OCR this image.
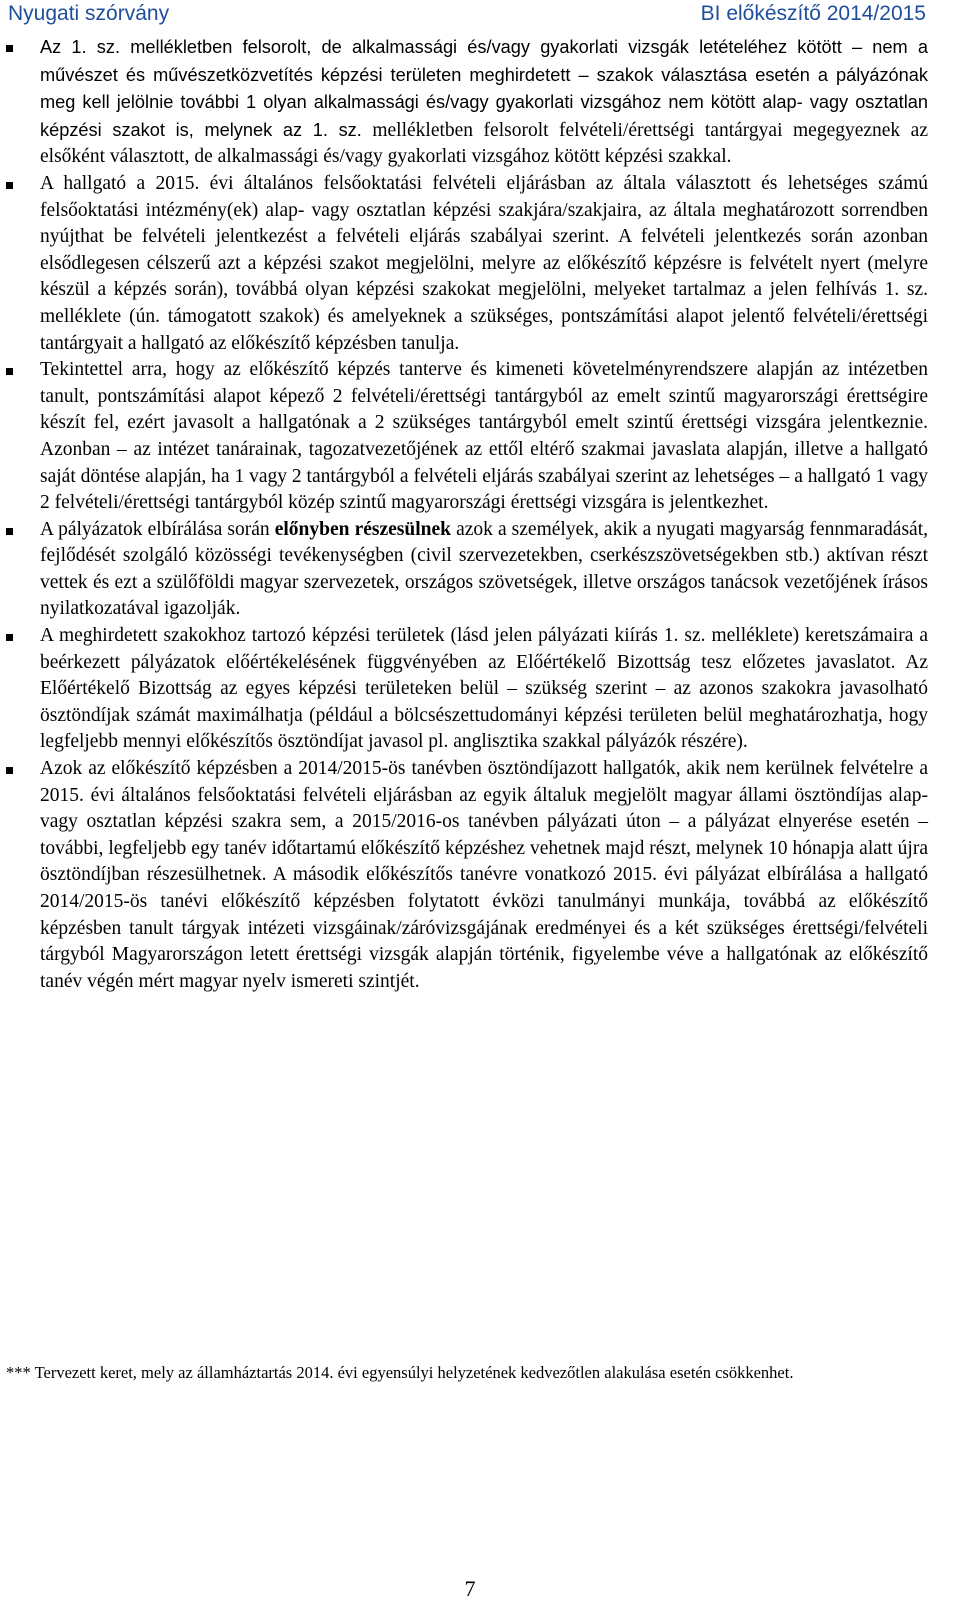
Nyugati szórvány	BI előkészítő 2014/2015

Az 1. sz. mellékletben felsorolt, de alkalmassági és/vagy gyakorlati vizsgák letételéhez kötött – nem a művészet és művészetközvetítés képzési területen meghirdetett – szakok választása esetén a pályázónak meg kell jelölnie további 1 olyan alkalmassági és/vagy gyakorlati vizsgához nem kötött alap- vagy osztatlan képzési szakot is, melynek az 1. sz. mellékletben felsorolt felvételi/érettségi tantárgyai megegyeznek az elsőként választott, de alkalmassági és/vagy gyakorlati vizsgához kötött képzési szakkal.

A hallgató a 2015. évi általános felsőoktatási felvételi eljárásban az általa választott és lehetséges számú felsőoktatási intézmény(ek) alap- vagy osztatlan képzési szakjára/szakjaira, az általa meghatározott sorrendben nyújthat be felvételi jelentkezést a felvételi eljárás szabályai szerint. A felvételi jelentkezés során azonban elsődlegesen célszerű azt a képzési szakot megjelölni, melyre az előkészítő képzésre is felvételt nyert (melyre készül a képzés során), továbbá olyan képzési szakokat megjelölni, melyeket tartalmaz a jelen felhívás 1. sz. melléklete (ún. támogatott szakok) és amelyeknek a szükséges, pontszámítási alapot jelentő felvételi/érettségi tantárgyait a hallgató az előkészítő képzésben tanulja.

Tekintettel arra, hogy az előkészítő képzés tanterve és kimeneti követelményrendszere alapján az intézetben tanult, pontszámítási alapot képező 2 felvételi/érettségi tantárgyból az emelt szintű magyarországi érettségire készít fel, ezért javasolt a hallgatónak a 2 szükséges tantárgyból emelt szintű érettségi vizsgára jelentkeznie. Azonban – az intézet tanárainak, tagozatvezetőjének az ettől eltérő szakmai javaslata alapján, illetve a hallgató saját döntése alapján, ha 1 vagy 2 tantárgyból a felvételi eljárás szabályai szerint az lehetséges – a hallgató 1 vagy 2 felvételi/érettségi tantárgyból közép szintű magyarországi érettségi vizsgára is jelentkezhet.

A pályázatok elbírálása során előnyben részesülnek azok a személyek, akik a nyugati magyarság fennmaradását, fejlődését szolgáló közösségi tevékenységben (civil szervezetekben, cserkészszövetségekben stb.) aktívan részt vettek és ezt a szülőföldi magyar szervezetek, országos szövetségek, illetve országos tanácsok vezetőjének írásos nyilatkozatával igazolják.

A meghirdetett szakokhoz tartozó képzési területek (lásd jelen pályázati kiírás 1. sz. melléklete) keretszámaira a beérkezett pályázatok előértékelésének függvényében az Előértékelő Bizottság tesz előzetes javaslatot. Az Előértékelő Bizottság az egyes képzési területeken belül – szükség szerint – az azonos szakokra javasolható ösztöndíjak számát maximálhatja (például a bölcsészettudományi képzési területen belül meghatározhatja, hogy legfeljebb mennyi előkészítős ösztöndíjat javasol pl. anglisztika szakkal pályázók részére).

Azok az előkészítő képzésben a 2014/2015-ös tanévben ösztöndíjazott hallgatók, akik nem kerülnek felvételre a 2015. évi általános felsőoktatási felvételi eljárásban az egyik általuk megjelölt magyar állami ösztöndíjas alap- vagy osztatlan képzési szakra sem, a 2015/2016-os tanévben pályázati úton – a pályázat elnyerése esetén – további, legfeljebb egy tanév időtartamú előkészítő képzéshez vehetnek majd részt, melynek 10 hónapja alatt újra ösztöndíjban részesülhetnek. A második előkészítős tanévre vonatkozó 2015. évi pályázat elbírálása a hallgató 2014/2015-ös tanévi előkészítő képzésben folytatott évközi tanulmányi munkája, továbbá az előkészítő képzésben tanult tárgyak intézeti vizsgáinak/záróvizsgájának eredményei és a két szükséges érettségi/felvételi tárgyból Magyarországon letett érettségi vizsgák alapján történik, figyelembe véve a hallgatónak az előkészítő tanév végén mért magyar nyelv ismereti szintjét.

*** Tervezett keret, mely az államháztartás 2014. évi egyensúlyi helyzetének kedvezőtlen alakulása esetén csökkenhet.

7
